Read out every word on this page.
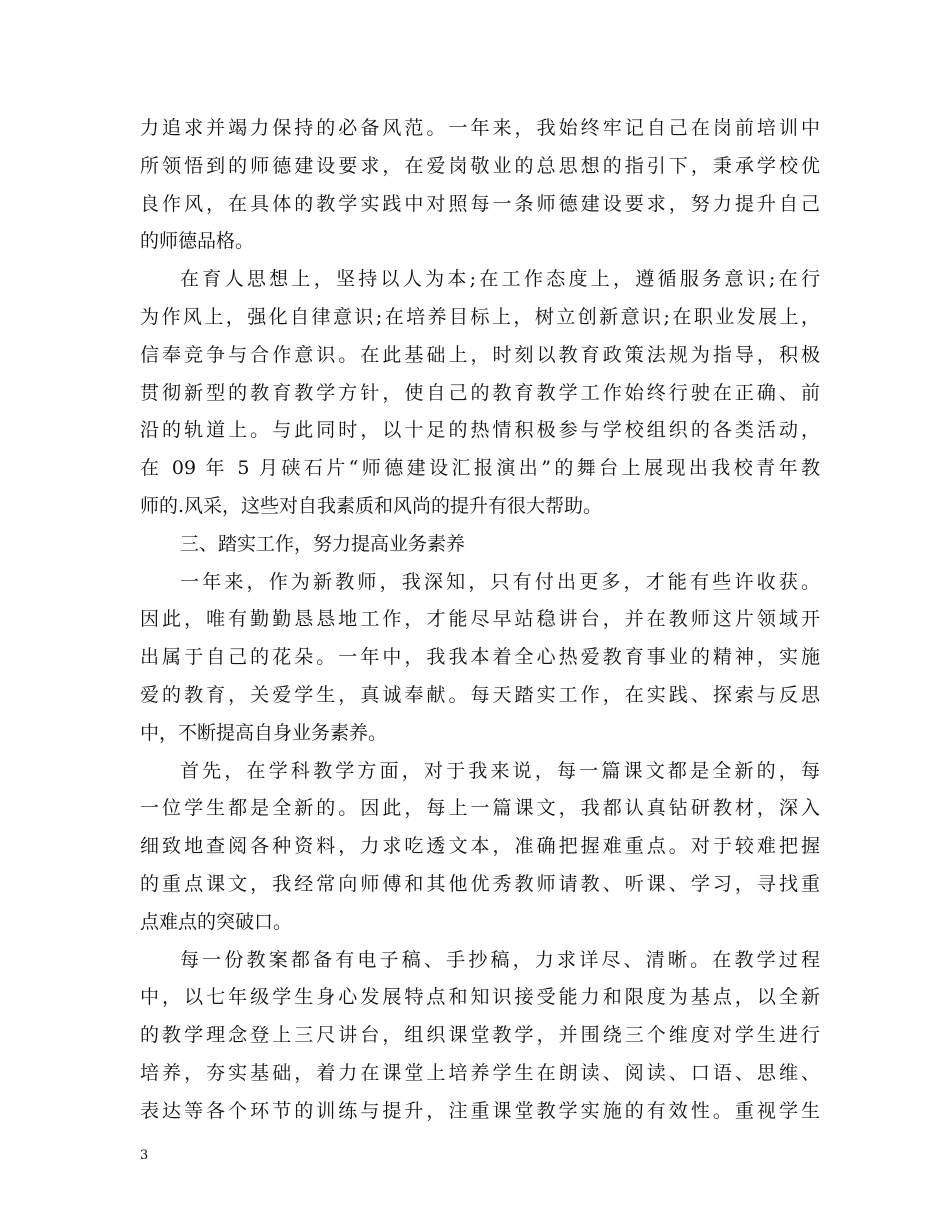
力追求并竭力保持的必备风范。一年来，我始终牢记自己在岗前培训中
所领悟到的师德建设要求，在爱岗敬业的总思想的指引下，秉承学校优
良作风，在具体的教学实践中对照每一条师德建设要求，努力提升自己
的师德品格。
在育人思想上，坚持以人为本;在工作态度上，遵循服务意识;在行
为作风上，强化自律意识;在培养目标上，树立创新意识;在职业发展上，
信奉竞争与合作意识。在此基础上，时刻以教育政策法规为指导，积极
贯彻新型的教育教学方针，使自己的教育教学工作始终行驶在正确、前
沿的轨道上。与此同时，以十足的热情积极参与学校组织的各类活动，
在 09 年 5 月硖石片“师德建设汇报演出”的舞台上展现出我校青年教
师的.风采，这些对自我素质和风尚的提升有很大帮助。
三、踏实工作，努力提高业务素养
一年来，作为新教师，我深知，只有付出更多，才能有些许收获。
因此，唯有勤勤恳恳地工作，才能尽早站稳讲台，并在教师这片领域开
出属于自己的花朵。一年中，我我本着全心热爱教育事业的精神，实施
爱的教育，关爱学生，真诚奉献。每天踏实工作，在实践、探索与反思
中，不断提高自身业务素养。
首先，在学科教学方面，对于我来说，每一篇课文都是全新的，每
一位学生都是全新的。因此，每上一篇课文，我都认真钻研教材，深入
细致地查阅各种资料，力求吃透文本，准确把握难重点。对于较难把握
的重点课文，我经常向师傅和其他优秀教师请教、听课、学习，寻找重
点难点的突破口。
每一份教案都备有电子稿、手抄稿，力求详尽、清晰。在教学过程
中，以七年级学生身心发展特点和知识接受能力和限度为基点，以全新
的教学理念登上三尺讲台，组织课堂教学，并围绕三个维度对学生进行
培养，夯实基础，着力在课堂上培养学生在朗读、阅读、口语、思维、
表达等各个环节的训练与提升，注重课堂教学实施的有效性。重视学生
3
